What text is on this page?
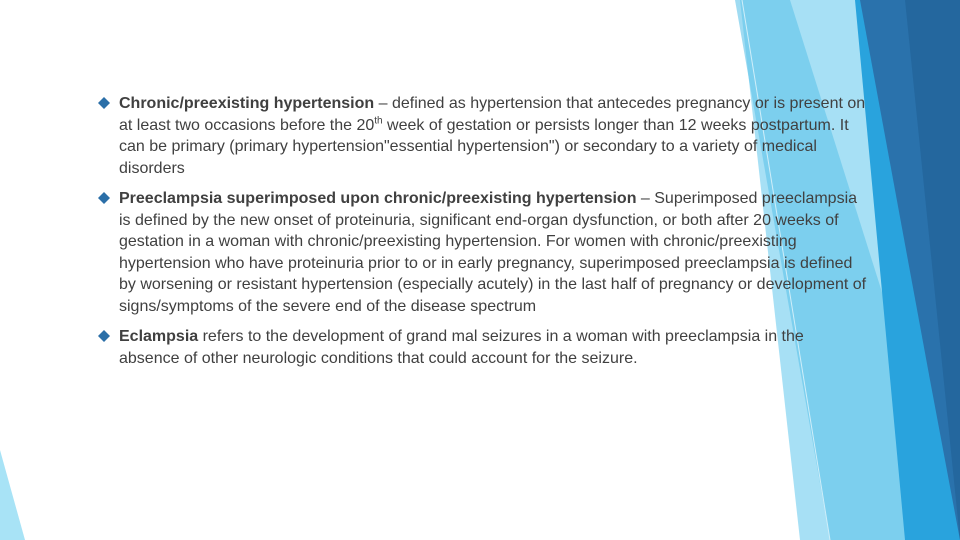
Chronic/preexisting hypertension – defined as hypertension that antecedes pregnancy or is present on at least two occasions before the 20th week of gestation or persists longer than 12 weeks postpartum. It can be primary (primary hypertension"essential hypertension") or secondary to a variety of medical disorders
Preeclampsia superimposed upon chronic/preexisting hypertension – Superimposed preeclampsia is defined by the new onset of proteinuria, significant end-organ dysfunction, or both after 20 weeks of gestation in a woman with chronic/preexisting hypertension. For women with chronic/preexisting hypertension who have proteinuria prior to or in early pregnancy, superimposed preeclampsia is defined by worsening or resistant hypertension (especially acutely) in the last half of pregnancy or development of signs/symptoms of the severe end of the disease spectrum
Eclampsia refers to the development of grand mal seizures in a woman with preeclampsia in the absence of other neurologic conditions that could account for the seizure.
